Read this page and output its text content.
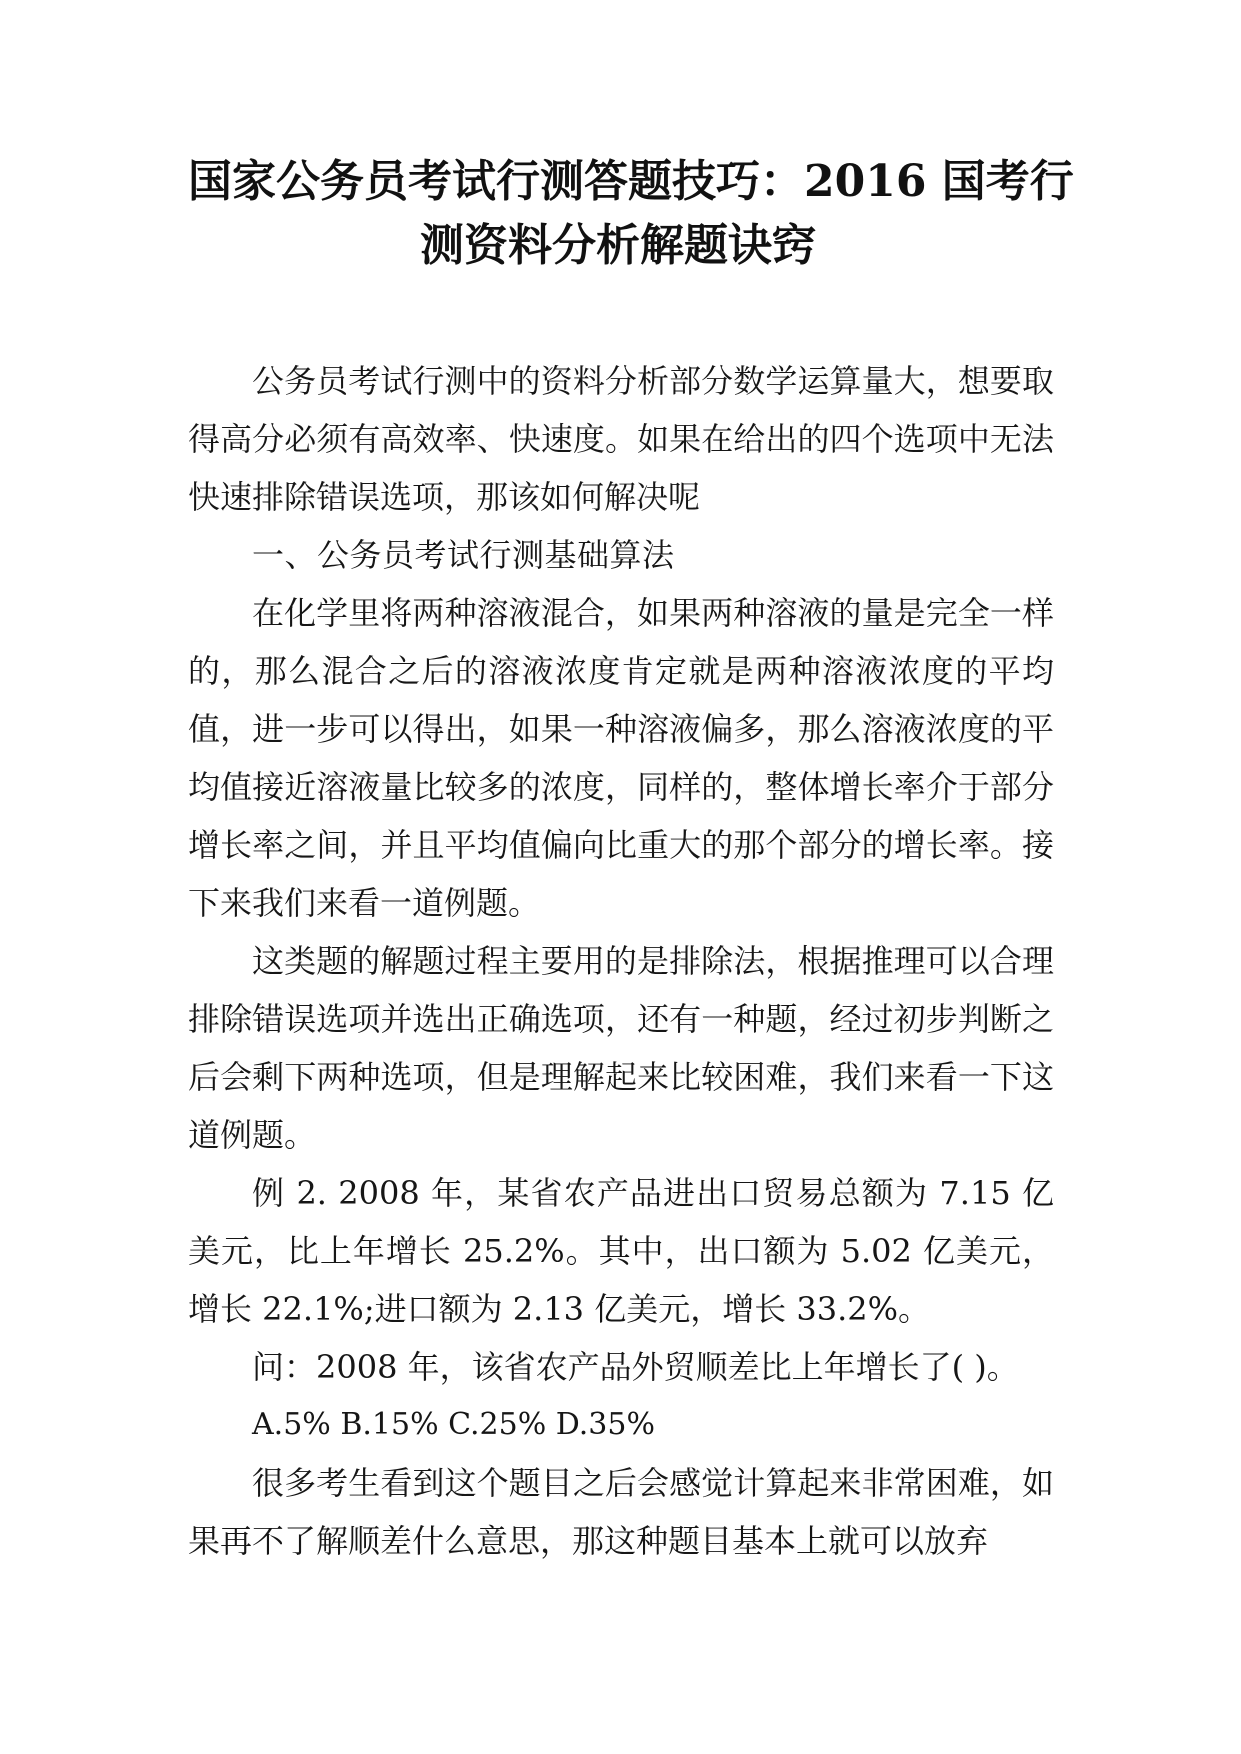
国家公务员考试行测答题技巧：2016 国考行
测资料分析解题诀窍

公务员考试行测中的资料分析部分数学运算量大，想要取得高分必须有高效率、快速度。如果在给出的四个选项中无法快速排除错误选项，那该如何解决呢

一、公务员考试行测基础算法

在化学里将两种溶液混合，如果两种溶液的量是完全一样的，那么混合之后的溶液浓度肯定就是两种溶液浓度的平均值，进一步可以得出，如果一种溶液偏多，那么溶液浓度的平均值接近溶液量比较多的浓度，同样的，整体增长率介于部分增长率之间，并且平均值偏向比重大的那个部分的增长率。接下来我们来看一道例题。

这类题的解题过程主要用的是排除法，根据推理可以合理排除错误选项并选出正确选项，还有一种题，经过初步判断之后会剩下两种选项，但是理解起来比较困难，我们来看一下这道例题。

例 2. 2008 年，某省农产品进出口贸易总额为 7.15 亿美元，比上年增长 25.2%。其中，出口额为 5.02 亿美元，增长 22.1%;进口额为 2.13 亿美元，增长 33.2%。

问：2008 年，该省农产品外贸顺差比上年增长了( )。

A.5% B.15% C.25% D.35%

很多考生看到这个题目之后会感觉计算起来非常困难，如果再不了解顺差什么意思，那这种题目基本上就可以放弃
